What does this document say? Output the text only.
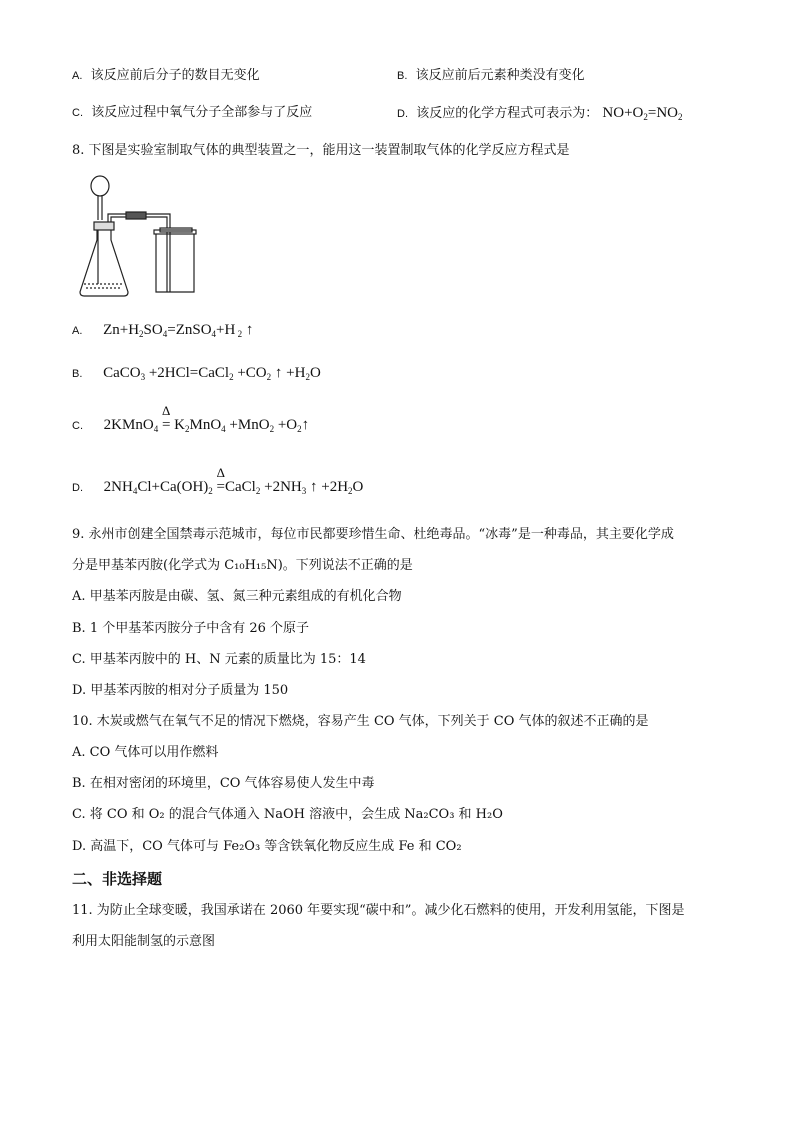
A. 该反应前后分子的数目无变化	B. 该反应前后元素种类没有变化
C. 该反应过程中氧气分子全部参与了反应	D. 该反应的化学方程式可表示为： $NO+O_2=NO_2$
8. 下图是实验室制取气体的典型装置之一，能用这一装置制取气体的化学反应方程式是
A. $Zn+H_2SO_4=ZnSO_4+H$ $_2$ ↑
B. CaCO$_3$ +2HCl=CaCl$_2$ $+CO_2$ ↑ $+H_2O$
C. 2KMnO$_4$
Δ
= $K_2MnO_4 +MnO_2$ $+O_2↑$
D. $2NH_4Cl+Ca(OH)_2$
Δ
=CaCl$_2$ $+2NH_3$ ↑ $+2H_2O$
9. 永州市创建全国禁毒示范城市，每位市民都要珍惜生命、杜绝毒品。“冰毒”是一种毒品，其主要化学成
分是甲基苯丙胺(化学式为 C₁₀H₁₅N)。下列说法不正确的是
A. 甲基苯丙胺是由碳、氢、氮三种元素组成的有机化合物
B. 1 个甲基苯丙胺分子中含有 26 个原子
C. 甲基苯丙胺中的 H、N 元素的质量比为 15：14
D. 甲基苯丙胺的相对分子质量为 150
10. 木炭或燃气在氧气不足的情况下燃烧，容易产生 CO 气体，下列关于 CO 气体的叙述不正确的是
A. CO 气体可以用作燃料
B. 在相对密闭的环境里，CO 气体容易使人发生中毒
C. 将 CO 和 O₂ 的混合气体通入 NaOH 溶液中，会生成 Na₂CO₃ 和 H₂O
D. 高温下，CO 气体可与 Fe₂O₃ 等含铁氧化物反应生成 Fe 和 CO₂
二、非选择题
11. 为防止全球变暖，我国承诺在 2060 年要实现“碳中和”。减少化石燃料的使用，开发利用氢能，下图是
利用太阳能制氢的示意图
